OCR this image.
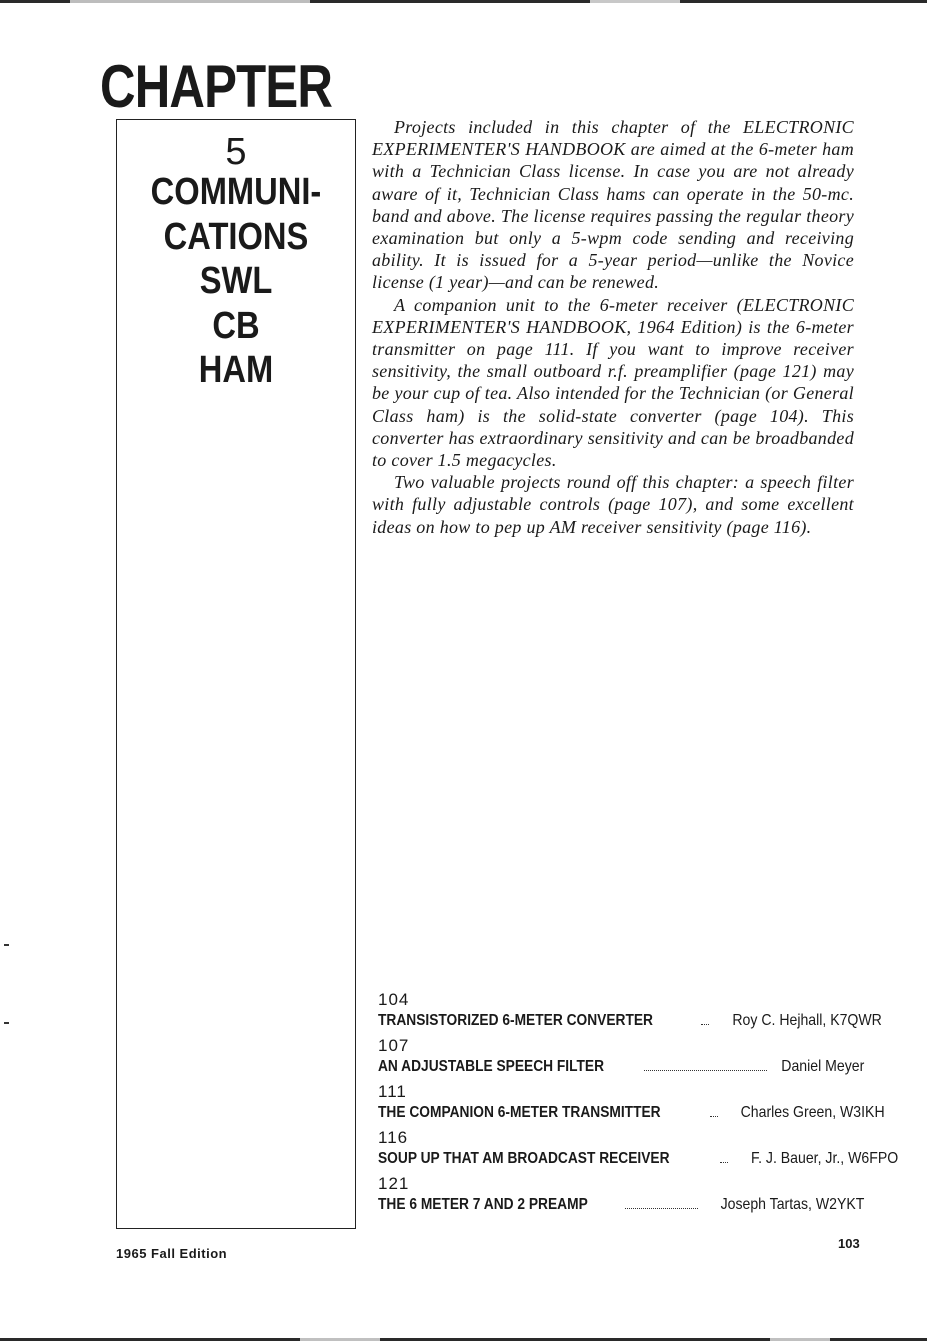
CHAPTER
5
COMMUNI-
CATIONS
SWL
CB
HAM

Projects included in this chapter of the ELECTRONIC EXPERIMENTER'S HANDBOOK are aimed at the 6-meter ham with a Technician Class license. In case you are not already aware of it, Technician Class hams can operate in the 50-mc. band and above. The license requires passing the regular theory examination but only a 5-wpm code sending and receiving ability. It is issued for a 5-year period—unlike the Novice license (1 year)—and can be renewed.

A companion unit to the 6-meter receiver (ELECTRONIC EXPERIMENTER'S HANDBOOK, 1964 Edition) is the 6-meter transmitter on page 111. If you want to improve receiver sensitivity, the small outboard r.f. preamplifier (page 121) may be your cup of tea. Also intended for the Technician (or General Class ham) is the solid-state converter (page 104). This converter has extraordinary sensitivity and can be broadbanded to cover 1.5 megacycles.

Two valuable projects round off this chapter: a speech filter with fully adjustable controls (page 107), and some excellent ideas on how to pep up AM receiver sensitivity (page 116).

104
TRANSISTORIZED 6-METER CONVERTER	Roy C. Hejhall, K7QWR
107
AN ADJUSTABLE SPEECH FILTER	Daniel Meyer
111
THE COMPANION 6-METER TRANSMITTER	Charles Green, W3IKH
116
SOUP UP THAT AM BROADCAST RECEIVER	F. J. Bauer, Jr., W6FPO
121
THE 6 METER 7 AND 2 PREAMP	Joseph Tartas, W2YKT
1965 Fall Edition
103
